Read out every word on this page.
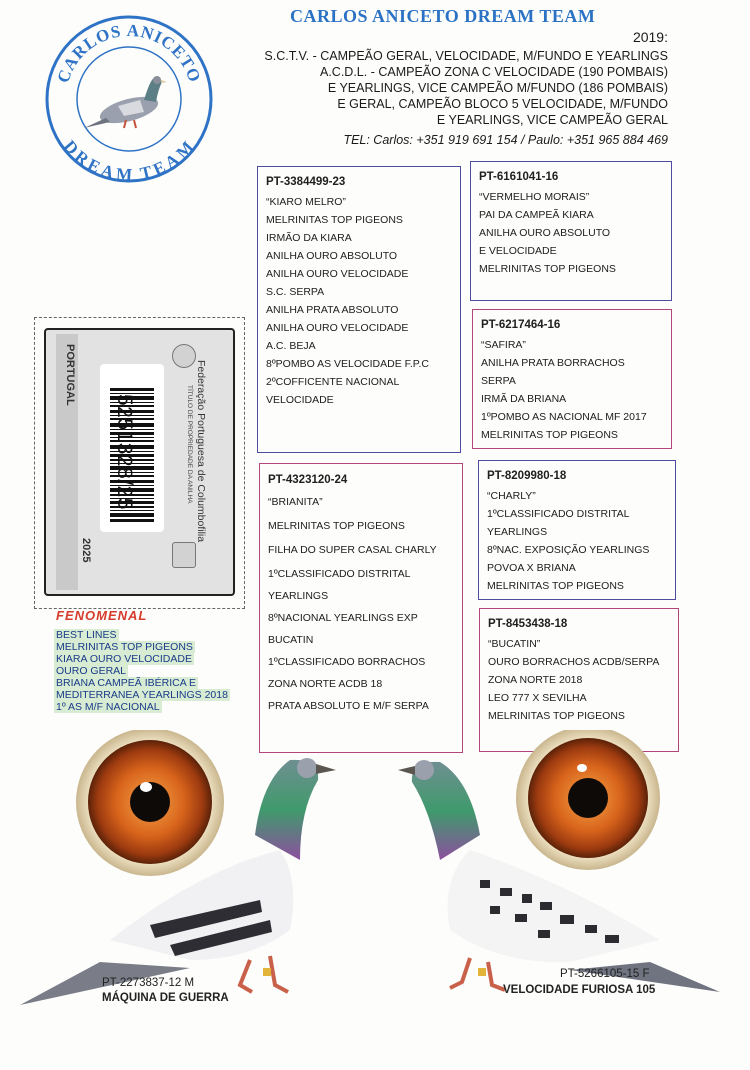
CARLOS ANICETO DREAM TEAM
2019:
S.C.T.V. - CAMPEÃO GERAL, VELOCIDADE, M/FUNDO E YEARLINGS
A.C.D.L. - CAMPEÃO ZONA C VELOCIDADE (190 POMBAIS)
E YEARLINGS, VICE CAMPEÃO M/FUNDO (186 POMBAIS)
E GERAL, CAMPEÃO BLOCO 5 VELOCIDADE, M/FUNDO
E YEARLINGS, VICE CAMPEÃO GERAL
TEL: Carlos: +351 919 691 154 / Paulo: +351 965 884 469
CARLOS ANICETO
DREAM TEAM
PT-3384499-23
“KIARO MELRO”
MELRINITAS TOP PIGEONS
IRMÃO DA KIARA
ANILHA OURO ABSOLUTO
ANILHA OURO VELOCIDADE
S.C. SERPA
ANILHA PRATA ABSOLUTO
ANILHA OURO VELOCIDADE
A.C. BEJA
8ºPOMBO AS VELOCIDADE F.P.C
2ºCOFFICENTE NACIONAL
VELOCIDADE
PT-6161041-16
“VERMELHO MORAIS”
PAI DA CAMPEÃ KIARA
ANILHA OURO ABSOLUTO
E VELOCIDADE
MELRINITAS TOP PIGEONS
PT-6217464-16
“SAFIRA”
ANILHA PRATA BORRACHOS
SERPA
IRMÃ DA BRIANA
1ºPOMBO AS NACIONAL MF 2017
MELRINITAS TOP PIGEONS
PT-4323120-24
“BRIANITA”
MELRINITAS TOP PIGEONS
FILHA DO SUPER CASAL CHARLY
1ºCLASSIFICADO DISTRITAL
YEARLINGS
8ºNACIONAL YEARLINGS EXP
BUCATIN
1ºCLASSIFICADO BORRACHOS
ZONA NORTE ACDB 18
PRATA ABSOLUTO E M/F SERPA
PT-8209980-18
“CHARLY”
1ºCLASSIFICADO DISTRITAL
YEARLINGS
8ºNAC. EXPOSIÇÃO YEARLINGS
POVOA X BRIANA
MELRINITAS TOP PIGEONS
PT-8453438-18
“BUCATIN”
OURO BORRACHOS ACDB/SERPA
ZONA NORTE 2018
LEO 777 X SEVILHA
MELRINITAS TOP PIGEONS
PORTUGAL	Federação Portuguesa de Columbofilia
TÍTULO DE PROPRIEDADE DA ANILHA
5251328/25
2025
FENOMENAL
BEST LINES
MELRINITAS TOP PIGEONS
KIARA OURO VELOCIDADE
OURO GERAL
BRIANA CAMPEÃ IBÉRICA E
MEDITERRANEA YEARLINGS 2018
1º AS M/F NACIONAL
PT-2273837-12 M
MÁQUINA DE GUERRA
PT-5266105-15 F
VELOCIDADE FURIOSA 105
